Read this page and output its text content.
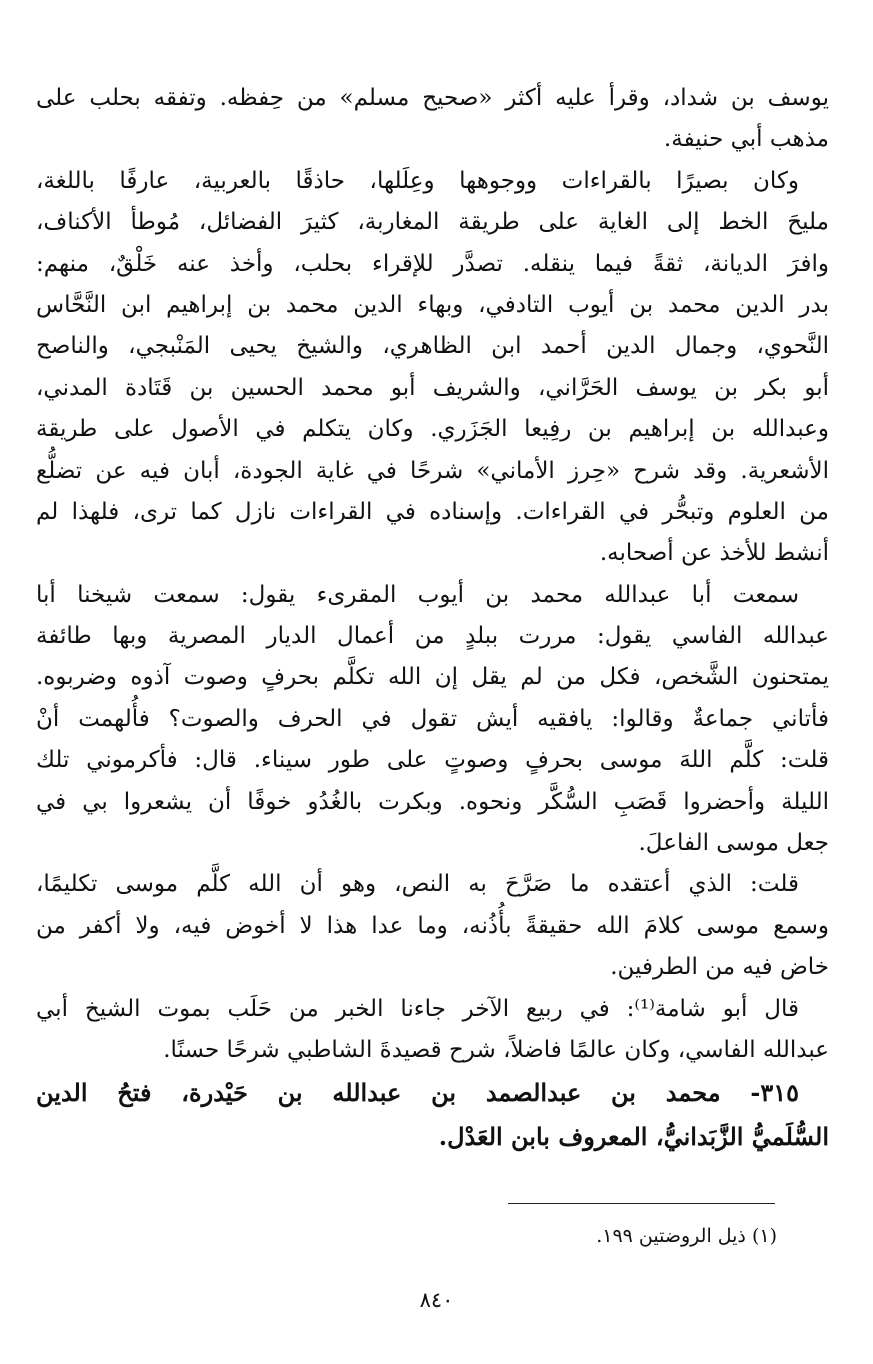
يوسف بن شداد، وقرأ عليه أكثر «صحيح مسلم» من حِفظه. وتفقه بحلب على
مذهب أبي حنيفة.
وكان بصيرًا بالقراءات ووجوهها وعِلَلها، حاذقًا بالعربية، عارفًا باللغة،
مليحَ الخط إلى الغاية على طريقة المغاربة، كثيرَ الفضائل، مُوطأ الأكناف،
وافرَ الديانة، ثقةً فيما ينقله. تصدَّر للإقراء بحلب، وأخذ عنه خَلْقٌ، منهم:
بدر الدين محمد بن أيوب التادفي، وبهاء الدين محمد بن إبراهيم ابن النَّحَّاس
النَّحوي، وجمال الدين أحمد ابن الظاهري، والشيخ يحيى المَنْبجي، والناصح
أبو بكر بن يوسف الحَرَّاني، والشريف أبو محمد الحسين بن قَتَادة المدني،
وعبدالله بن إبراهيم بن رفِيعا الجَزَري. وكان يتكلم في الأصول على طريقة
الأشعرية. وقد شرح «حِرز الأماني» شرحًا في غاية الجودة، أبان فيه عن تضلُّع
من العلوم وتبحُّر في القراءات. وإسناده في القراءات نازل كما ترى، فلهذا لم
أنشط للأخذ عن أصحابه.
سمعت أبا عبدالله محمد بن أيوب المقرىء يقول: سمعت شيخنا أبا
عبدالله الفاسي يقول: مررت ببلدٍ من أعمال الديار المصرية وبها طائفة
يمتحنون الشَّخص، فكل من لم يقل إن الله تكلَّم بحرفٍ وصوت آذوه وضربوه.
فأتاني جماعةٌ وقالوا: يافقيه أيش تقول في الحرف والصوت؟ فأُلهمت أنْ
قلت: كلَّم اللهَ موسى بحرفٍ وصوتٍ على طور سيناء. قال: فأكرموني تلك
الليلة وأحضروا قَصَبِ السُّكَّر ونحوه. وبكرت بالغُدُو خوفًا أن يشعروا بي في
جعل موسى الفاعلَ.
قلت: الذي أعتقده ما صَرَّحَ به النص، وهو أن الله كلَّم موسى تكليمًا،
وسمع موسى كلامَ الله حقيقةً بأُذُنه، وما عدا هذا لا أخوض فيه، ولا أكفر من
خاض فيه من الطرفين.
قال أبو شامة⁽¹⁾: في ربيع الآخر جاءنا الخبر من حَلَب بموت الشيخ أبي
عبدالله الفاسي، وكان عالمًا فاضلاً، شرح قصيدةَ الشاطبي شرحًا حسنًا.
٣١٥- محمد بن عبدالصمد بن عبدالله بن حَيْدرة، فتحُ الدين
السُّلَميُّ الزَّبَدانيُّ، المعروف بابن العَدْل.
(١) ذيل الروضتين ١٩٩.
٨٤٠
